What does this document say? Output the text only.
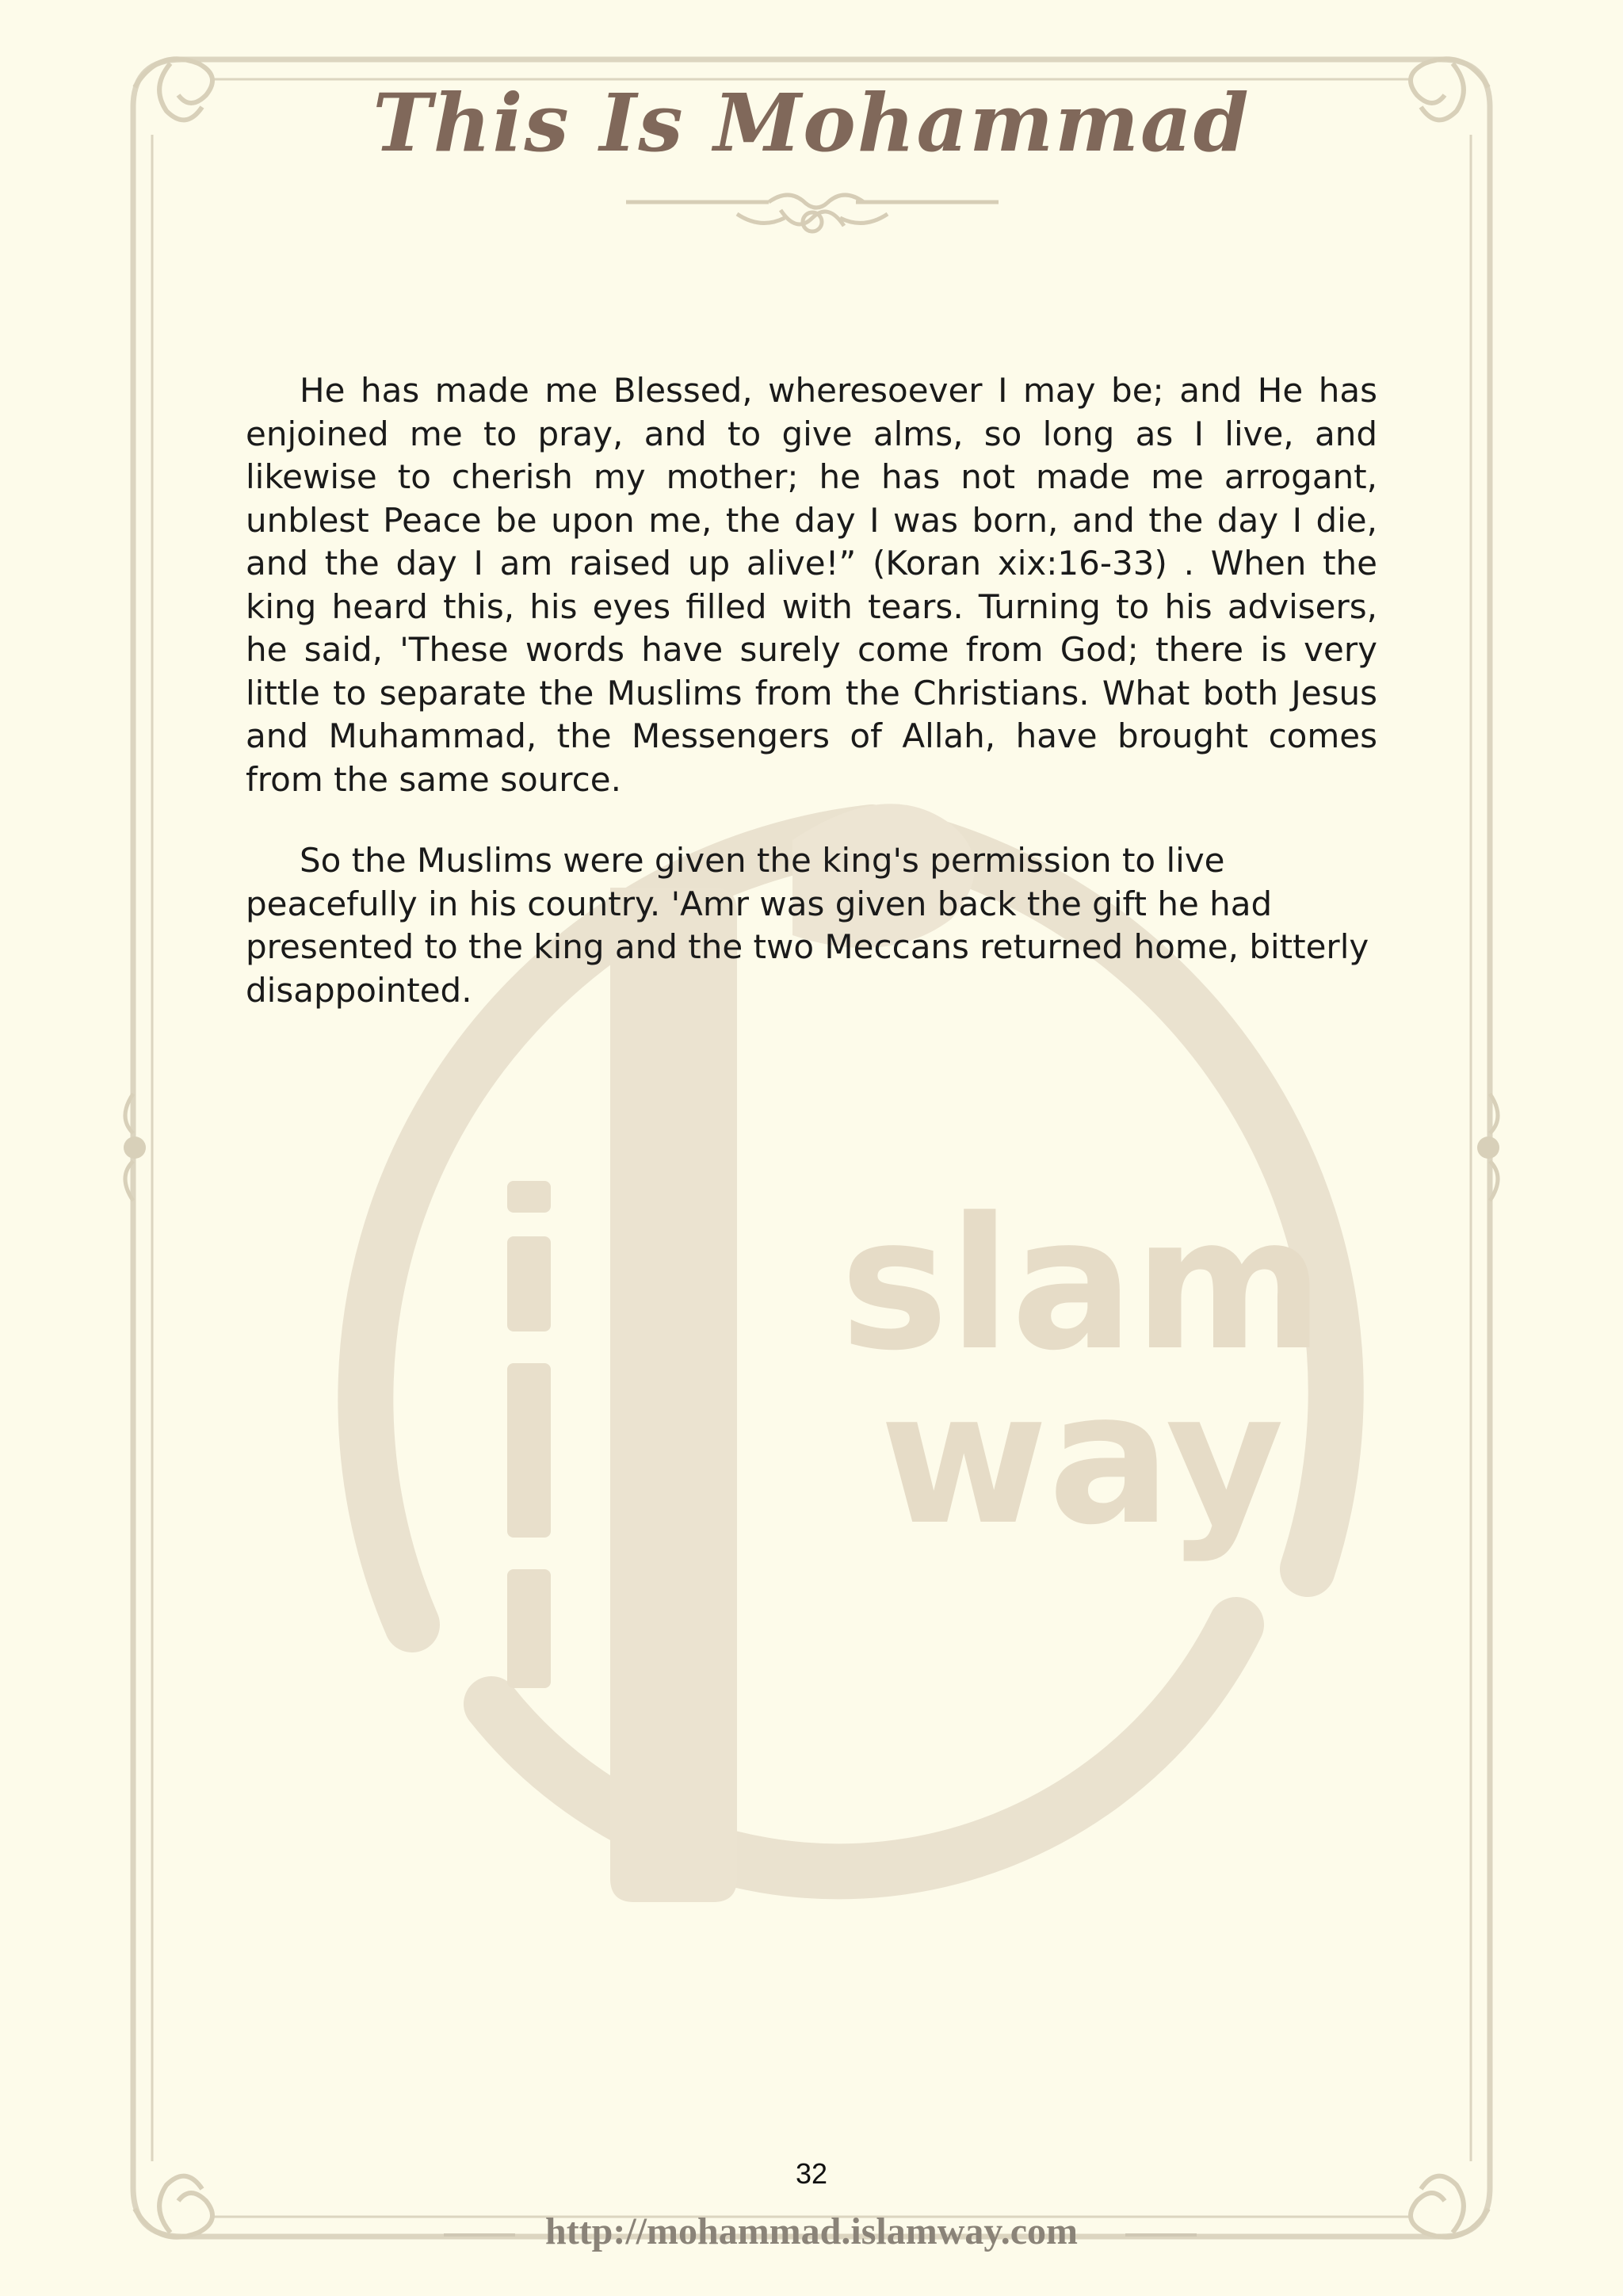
slam
way
This Is Mohammad

He has made me Blessed, wheresoever I may be; and He has enjoined me to pray, and to give alms, so long as I live, and likewise to cherish my mother; he has not made me arrogant, unblest Peace be upon me, the day I was born, and the day I die, and the day I am raised up alive!” (Koran xix:16-33) . When the king heard this, his eyes filled with tears. Turning to his advisers, he said, 'These words have surely come from God; there is very little to separate the Muslims from the Christians. What both Jesus and Muhammad, the Messengers of Allah, have brought comes from the same source.

So the Muslims were given the king's permission to live peacefully in his country. 'Amr was given back the gift he had presented to the king and the two Meccans returned home, bitterly disappointed.

32
http://mohammad.islamway.com
